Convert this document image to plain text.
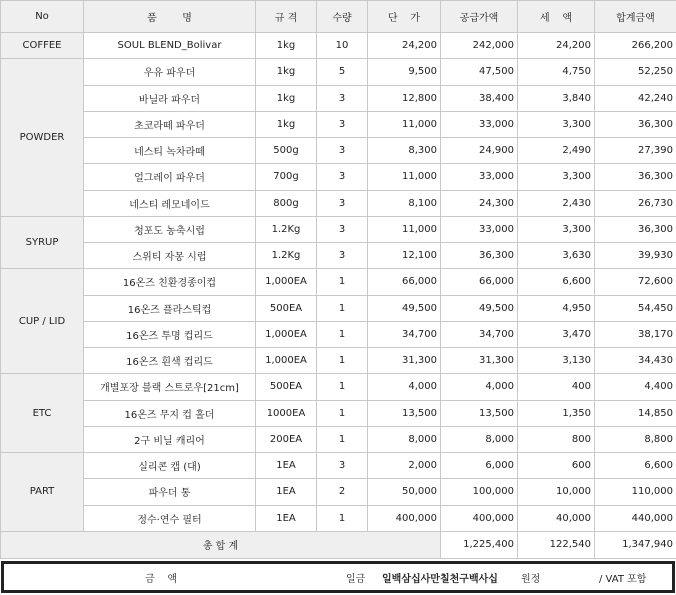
No	품        명	규 격	수량	단    가	공급가액	세    액	합계금액
COFFEE	SOUL BLEND_Bolivar	1kg	10	24,200	242,000	24,200	266,200
POWDER	우유 파우더	1kg	5	9,500	47,500	4,750	52,250
	바닐라 파우더	1kg	3	12,800	38,400	3,840	42,240
	초코라떼 파우더	1kg	3	11,000	33,000	3,300	36,300
	네스티 녹차라떼	500g	3	8,300	24,900	2,490	27,390
	얼그레이 파우더	700g	3	11,000	33,000	3,300	36,300
	네스티 레모네이드	800g	3	8,100	24,300	2,430	26,730
SYRUP	청포도 농축시럽	1.2Kg	3	11,000	33,000	3,300	36,300
	스위티 자몽 시럽	1.2Kg	3	12,100	36,300	3,630	39,930
CUP / LID	16온즈 친환경종이컵	1,000EA	1	66,000	66,000	6,600	72,600
	16온즈 플라스틱컵	500EA	1	49,500	49,500	4,950	54,450
	16온즈 투명 컵리드	1,000EA	1	34,700	34,700	3,470	38,170
	16온즈 흰색 컵리드	1,000EA	1	31,300	31,300	3,130	34,430
ETC	개별포장 블랙 스트로우[21cm]	500EA	1	4,000	4,000	400	4,400
	16온즈 무지 컵 홀더	1000EA	1	13,500	13,500	1,350	14,850
	2구 비닐 캐리어	200EA	1	8,000	8,000	800	8,800
PART	실리콘 캡 (대)	1EA	3	2,000	6,000	600	6,600
	파우더 통	1EA	2	50,000	100,000	10,000	110,000
	정수·연수 필터	1EA	1	400,000	400,000	40,000	440,000
총 합 계					1,225,400	122,540	1,347,940
금    액	일금 일백삼십사만칠천구백사십 원정	/ VAT 포함
